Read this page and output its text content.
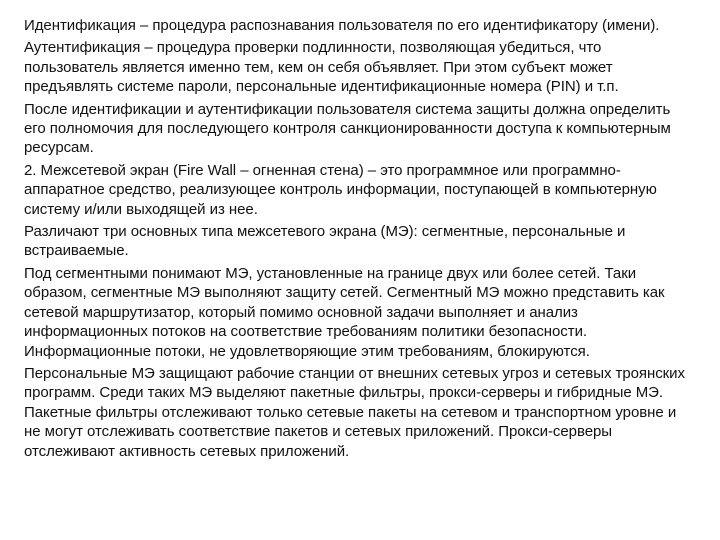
Идентификация – процедура распознавания пользователя по его идентификатору (имени).

Аутентификация – процедура проверки подлинности, позволяющая убедиться, что пользователь является именно тем, кем он себя объявляет. При этом субъект может предъявлять системе пароли, персональные идентификационные номера (PIN) и т.п.

После идентификации и аутентификации пользователя система защиты должна определить его полномочия для последующего контроля санкционированности доступа к компьютерным ресурсам.

2. Межсетевой экран (Fire Wall – огненная стена) – это программное или программно-аппаратное средство, реализующее контроль информации, поступающей в компьютерную систему и/или выходящей из нее.

Различают три основных типа межсетевого экрана (МЭ): сегментные, персональные и встраиваемые.

Под сегментными понимают МЭ, установленные на границе двух или более сетей. Таки образом, сегментные МЭ выполняют защиту сетей. Сегментный МЭ можно представить как сетевой маршрутизатор, который помимо основной задачи выполняет и анализ информационных потоков на соответствие требованиям политики безопасности. Информационные потоки, не удовлетворяющие этим требованиям, блокируются.

Персональные МЭ защищают рабочие станции от внешних сетевых угроз и сетевых троянских программ. Среди таких МЭ выделяют пакетные фильтры, прокси-серверы и гибридные МЭ. Пакетные фильтры отслеживают только сетевые пакеты на сетевом и транспортном уровне и не могут отслеживать соответствие пакетов и сетевых приложений. Прокси-серверы отслеживают активность сетевых приложений.
